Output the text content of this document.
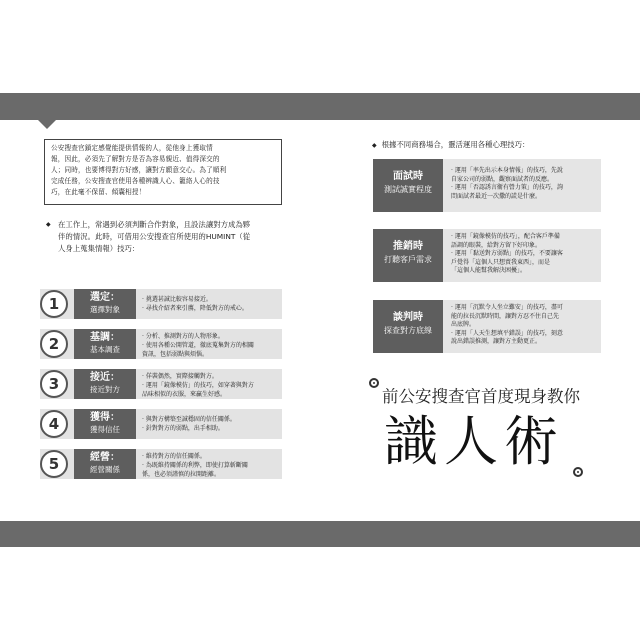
公安搜查官鎖定感覺能提供情報的人，從他身上獲取情
報，因此，必須先了解對方是否為容易親近、值得深交的
人；同時，也要博得對方好感，讓對方願意交心。為了順利
完成任務，公安搜查官使用各種辨識人心、籠絡人心的技
巧，在此毫不保留、傾囊相授！
◆ 在工作上，常遇到必須判斷合作對象，且設法讓對方成為夥
伴的情況。此時，可借用公安搜查官所使用的HUMINT（從
人身上蒐集情報）技巧：
1	選定：
選擇對象
‧ 挑選甚誠比較容易接近。
‧ 尋找介紹者來引薦，降低對方的戒心。
2	基調：
基本調查
‧ 分析、推測對方的人物形象。
‧ 使用各種公開管道，徹底蒐集對方的相關
資訊，包括弱點與煩惱。
3	接近：
接近對方
‧ 佯裝偶然，實際接觸對方。
‧ 運用「鏡像模仿」的技巧，如穿著與對方
品味相似的衣服，來贏生好感。
4	獲得：
獲得信任
‧ 與對方構築至誠穩固的信任關係。
‧ 針對對方的弱點，出手相助。
5	經營：
經營關係
‧ 維持對方的信任關係。
‧ 為既維持關係的利弊，即使打算斬斷關
係，也必須謹慎的拉開距離。
◆ 根據不同商務場合，靈活運用各種心理技巧：
面試時
測試誠實程度
‧ 運用「率先出示本身情報」的技巧，先說
自家公司的弱點，觀察面試者的反應。
‧ 運用「否認誘言衛有營力策」的技巧，詢
問面試者最近一次撒的謊是什麼。
推銷時
打聽客戶需求
‧ 運用「鏡像模仿的技巧」，配合客戶準備
語調的眼裝，給對方留下好印象。
‧ 運用「黏送對方弱點」的技巧，不要讓客
戶覺得「這個人只想賣我東西」，而是
「這個人能幫我解決困擾」。
談判時
探查對方底線
‧ 運用「沉默令人坐立難安」的技巧，盡可
能的拉長沉默時間，讓對方忍不住自己先
出底牌。
‧ 運用「人天生想填平錯誤」的技巧，刻意
說出錯誤推測，讓對方主動更正。
前公安搜查官首度現身教你
識人術
